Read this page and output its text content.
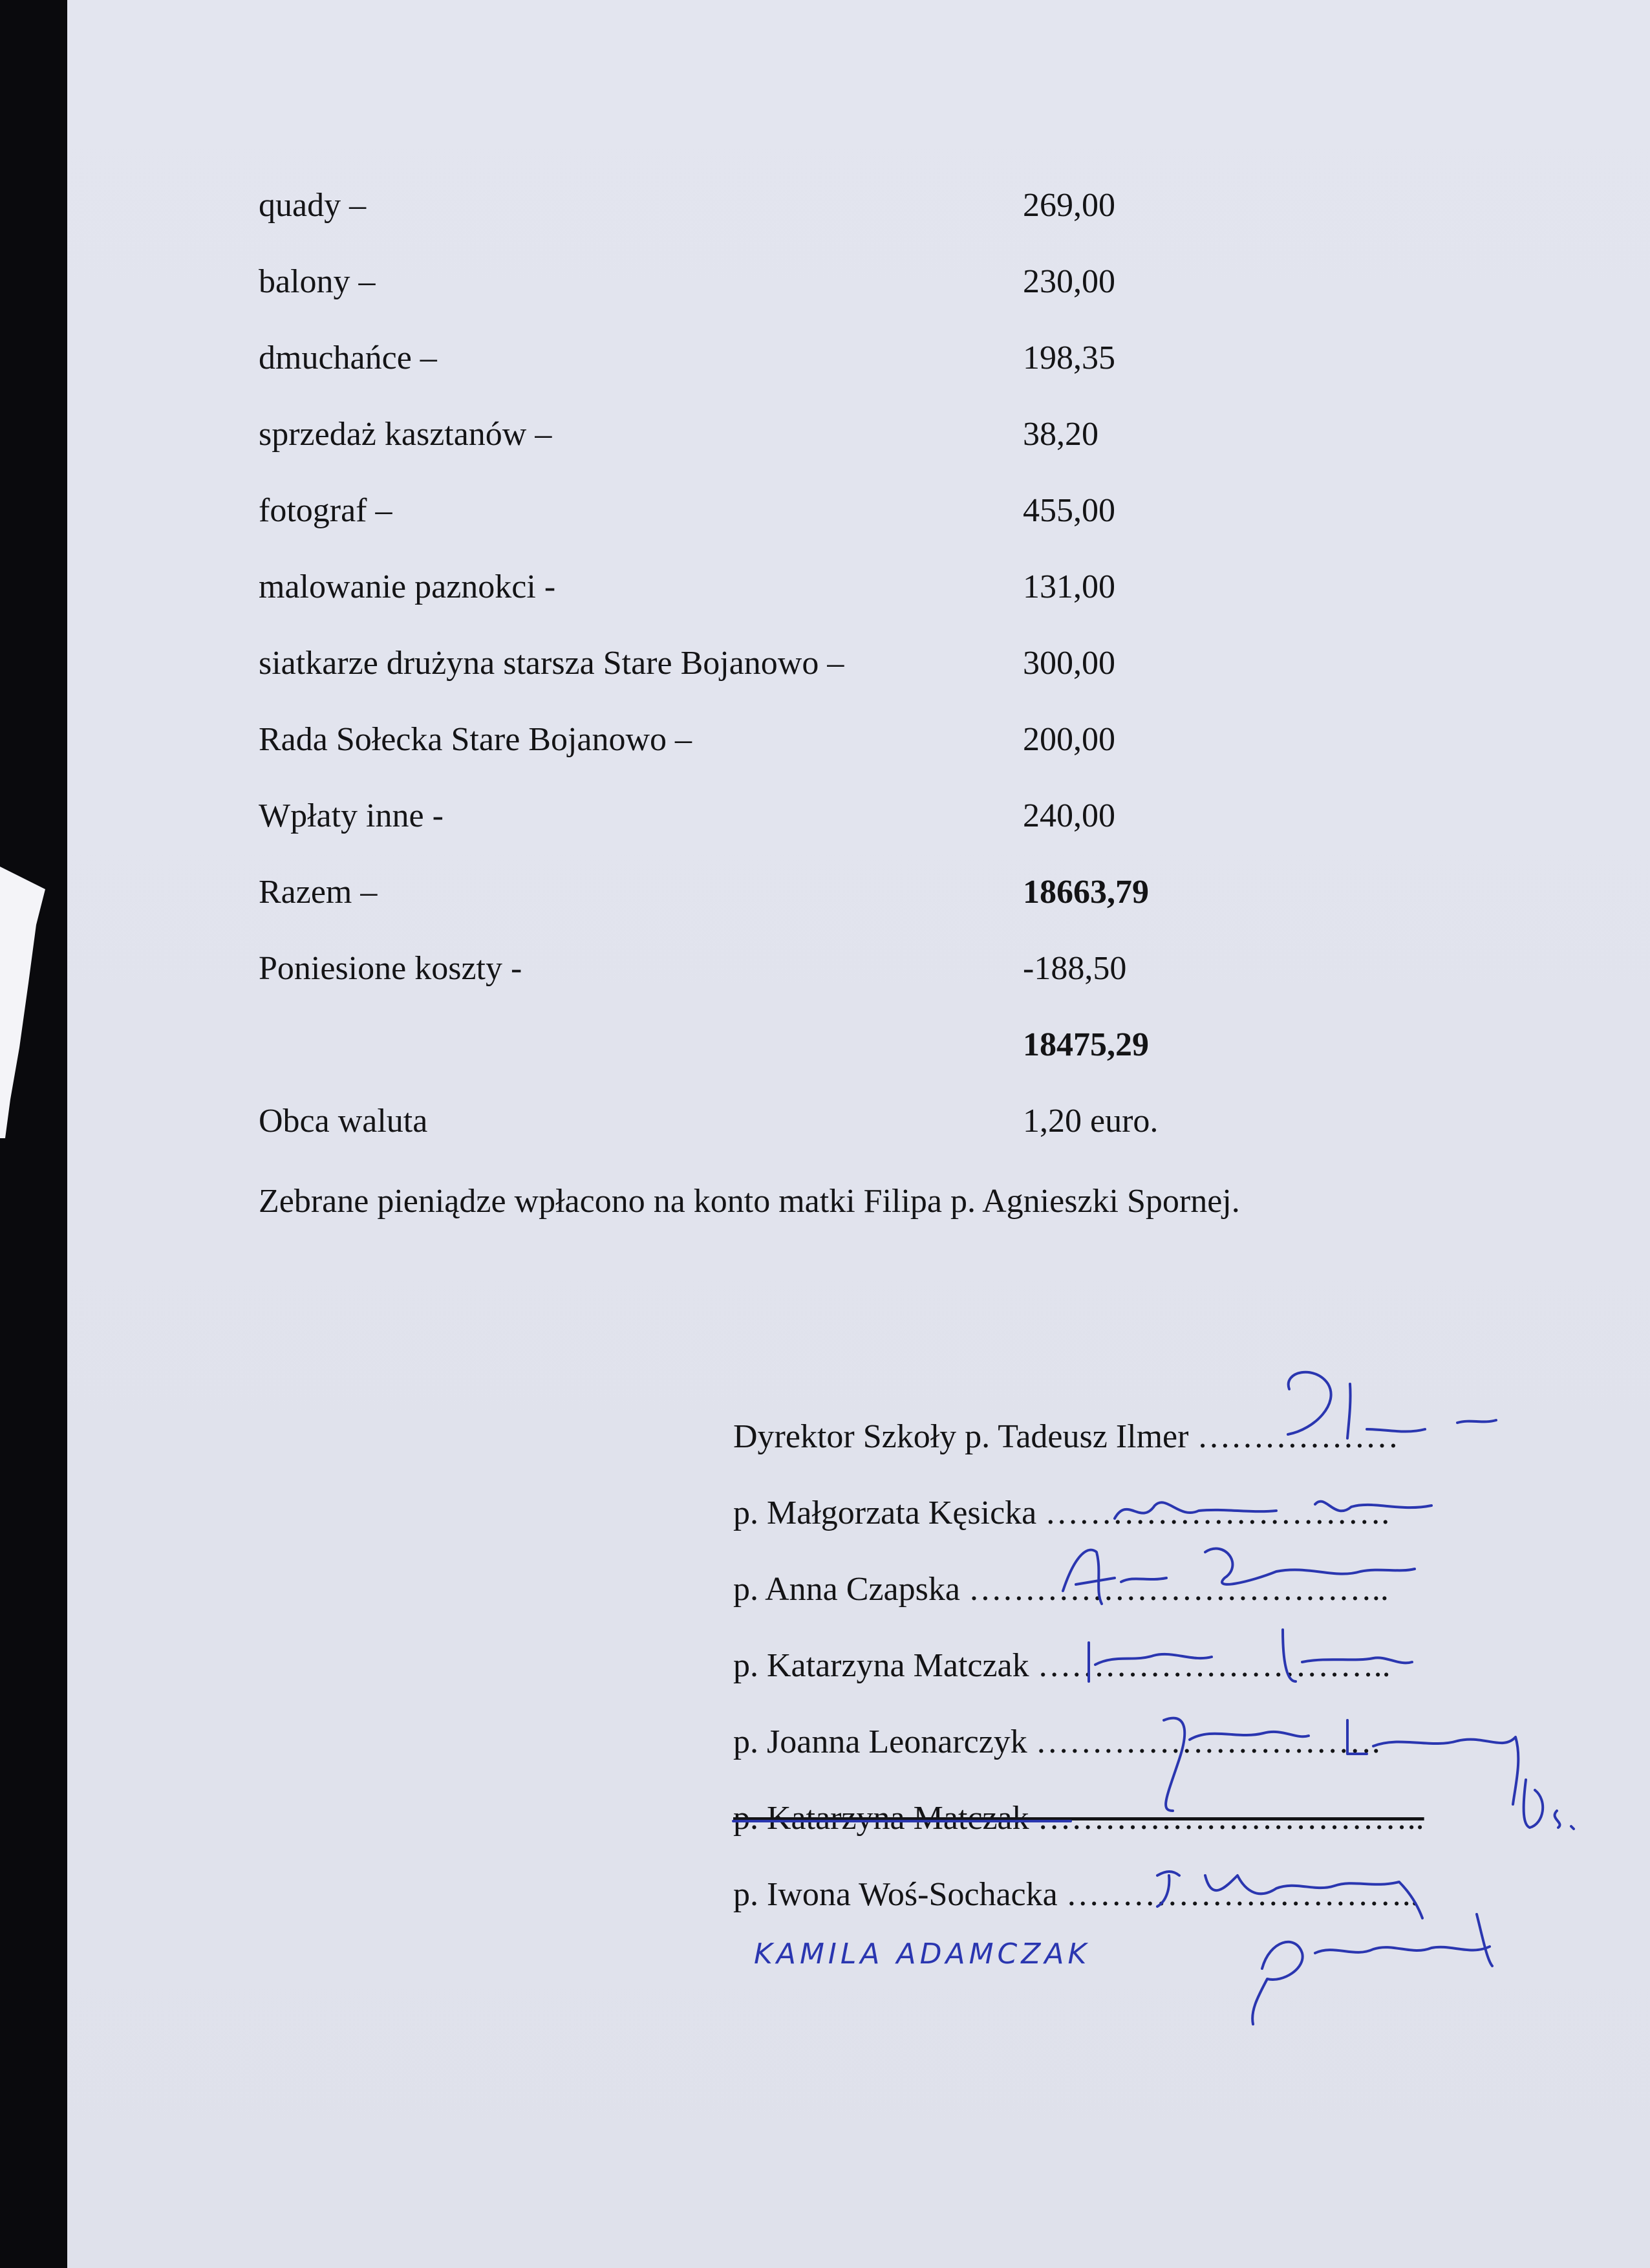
quady –	269,00
balony –	230,00
dmuchańce –	198,35
sprzedaż kasztanów –	38,20
fotograf –	455,00
malowanie paznokci -	131,00
siatkarze drużyna starsza Stare Bojanowo –	300,00
Rada Sołecka Stare Bojanowo –	200,00
Wpłaty inne -	240,00
Razem –	18663,79
Poniesione koszty -	-188,50
18475,29
Obca waluta	1,20 euro.
Zebrane pieniądze wpłacono na konto matki Filipa p. Agnieszki Spornej.
Dyrektor Szkoły p. Tadeusz Ilmer ………………
p. Małgorzata Kęsicka ………………………….
p. Anna Czapska ………………………………..
p. Katarzyna Matczak …………………………..
p. Joanna Leonarczyk ………………………….
p. Katarzyna Matczak ……………………………..
p. Iwona Woś-Sochacka …………………………..
KAMILA ADAMCZAK
